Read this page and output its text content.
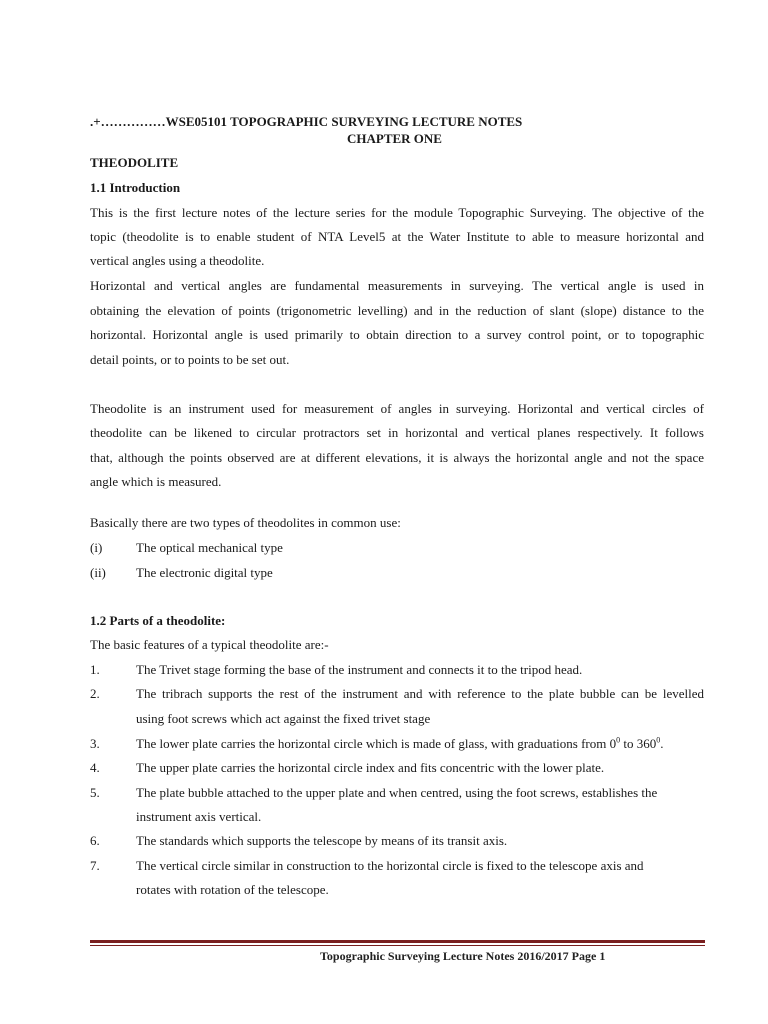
.+……………WSE05101 TOPOGRAPHIC SURVEYING LECTURE NOTES
CHAPTER ONE
THEODOLITE
1.1 Introduction
This is the first lecture notes of the lecture series for the module Topographic Surveying. The objective of the
topic (theodolite is to enable student of NTA Level5 at the Water Institute to able to measure horizontal and
vertical angles using a theodolite.
Horizontal and vertical angles are fundamental measurements in surveying. The vertical angle is used in
obtaining the elevation of points (trigonometric levelling) and in the reduction of slant (slope) distance to the
horizontal. Horizontal angle is used primarily to obtain direction to a survey control point, or to topographic
detail points, or to points to be set out.
Theodolite is an instrument used for measurement of angles in surveying. Horizontal and vertical circles of
theodolite can be likened to circular protractors set in horizontal and vertical planes respectively. It follows
that, although the points observed are at different elevations, it is always the horizontal angle and not the space
angle which is measured.
Basically there are two types of theodolites in common use:
(i)	The optical mechanical type
(ii) The electronic digital type
1.2 Parts of a theodolite:
The basic features of a typical theodolite are:-
1.	The Trivet stage forming the base of the instrument and connects it to the tripod head.
2.	The tribrach supports the rest of the instrument and with reference to the plate bubble can be levelled
using foot screws which act against the fixed trivet stage
3.	The lower plate carries the horizontal circle which is made of glass, with graduations from $0^0$ to $360^0$.
4.	The upper plate carries the horizontal circle index and fits concentric with the lower plate.
5.	The plate bubble attached to the upper plate and when centred, using the foot screws, establishes the
instrument axis vertical.
6.	The standards which supports the telescope by means of its transit axis.
7.	The vertical circle similar in construction to the horizontal circle is fixed to the telescope axis and
rotates with rotation of the telescope.
Topographic Surveying Lecture Notes 2016/2017 Page 1
